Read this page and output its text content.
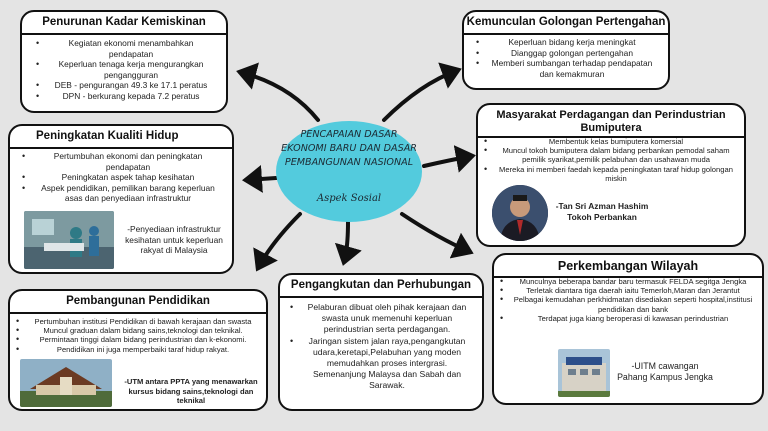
PENCAPAIAN DASAR
EKONOMI BARU DAN DASAR
PEMBANGUNAN NASIONAL
Aspek Sosial
Penurunan Kadar Kemiskinan
• Kegiatan ekonomi menambahkan pendapatan
• Keperluan tenaga kerja mengurangkan pengangguran
• DEB - pengurangan 49.3 ke 17.1 peratus
• DPN - berkurang kepada 7.2 peratus
Kemunculan Golongan Pertengahan
• Keperluan bidang kerja meningkat
• Dianggap golongan pertengahan
• Memberi sumbangan terhadap pendapatan dan kemakmuran
Peningkatan Kualiti Hidup
• Pertumbuhan ekonomi dan peningkatan pendapatan
• Peningkatan aspek tahap kesihatan
• Aspek pendidikan, pemilikan barang keperluan asas dan penyediaan infrastruktur
-Penyediaan infrastruktur kesihatan untuk keperluan rakyat di Malaysia
Masyarakat Perdagangan dan Perindustrian Bumiputera
• Membentuk kelas bumiputera komersial
• Muncul tokoh bumiputera dalam bidang perbankan pemodal saham pemilik syarikat,pemilik pelabuhan dan usahawan muda
• Mereka ini memberi faedah kepada peningkatan taraf hidup golongan miskin
-Tan Sri Azman Hashim Tokoh Perbankan
Pembangunan Pendidikan
• Pertumbuhan institusi Pendidikan di bawah kerajaan dan swasta
• Muncul graduan dalam bidang sains,teknologi dan teknikal.
• Permintaan tinggi dalam bidang perindustrian dan k-ekonomi.
• Pendidikan ini juga memperbaiki taraf hidup rakyat.
-UTM antara PPTA yang menawarkan kursus bidang sains,teknologi dan teknikal
Pengangkutan dan Perhubungan
• Pelaburan dibuat oleh pihak kerajaan dan swasta unuk memenuhi keperluan perindustrian serta perdagangan.
• Jaringan sistem jalan raya,pengangkutan udara,keretapi,Pelabuhan yang moden memudahkan proses intergrasi. Semenanjung Malaysa dan Sabah dan Sarawak.
Perkembangan Wilayah
• Munculnya beberapa bandar baru termasuk FELDA segitga Jengka
• Terletak diantara tiga daerah iaitu Temerloh,Maran dan Jerantut
• Pelbagai kemudahan perkhidmatan disediakan seperti hospital,institusi pendidikan dan bank
• Terdapat juga kiang beroperasi di kawasan perindustrian
-UITM cawangan Pahang Kampus Jengka
